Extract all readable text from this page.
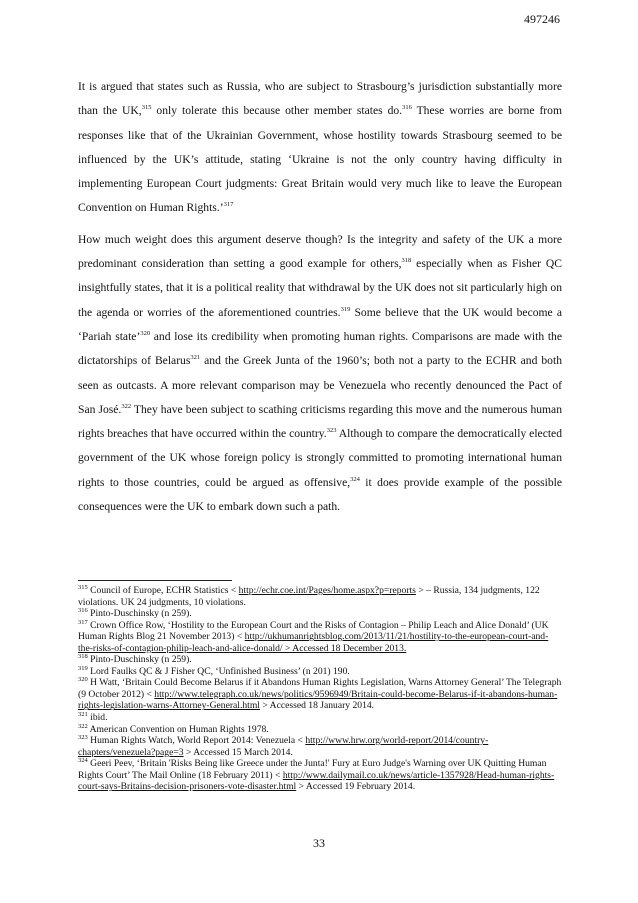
497246

It is argued that states such as Russia, who are subject to Strasbourg’s jurisdiction substantially more than the UK,$^{315}$ only tolerate this because other member states do.$^{316}$ These worries are borne from responses like that of the Ukrainian Government, whose hostility towards Strasbourg seemed to be influenced by the UK’s attitude, stating ‘Ukraine is not the only country having difficulty in implementing European Court judgments: Great Britain would very much like to leave the European Convention on Human Rights.’$^{317}$

How much weight does this argument deserve though? Is the integrity and safety of the UK a more predominant consideration than setting a good example for others,$^{318}$ especially when as Fisher QC insightfully states, that it is a political reality that withdrawal by the UK does not sit particularly high on the agenda or worries of the aforementioned countries.$^{319}$ Some believe that the UK would become a ‘Pariah state’$^{320}$ and lose its credibility when promoting human rights. Comparisons are made with the dictatorships of Belarus$^{321}$ and the Greek Junta of the 1960’s; both not a party to the ECHR and both seen as outcasts. A more relevant comparison may be Venezuela who recently denounced the Pact of San José.$^{322}$ They have been subject to scathing criticisms regarding this move and the numerous human rights breaches that have occurred within the country.$^{323}$ Although to compare the democratically elected government of the UK whose foreign policy is strongly committed to promoting international human rights to those countries, could be argued as offensive,$^{324}$ it does provide example of the possible consequences were the UK to embark down such a path.

$^{315}$ Council of Europe, ECHR Statistics < http://echr.coe.int/Pages/home.aspx?p=reports > – Russia, 134 judgments, 122 violations. UK 24 judgments, 10 violations.

$^{316}$ Pinto-Duschinsky (n 259).

$^{317}$ Crown Office Row, ‘Hostility to the European Court and the Risks of Contagion – Philip Leach and Alice Donald’ (UK Human Rights Blog 21 November 2013) < http://ukhumanrightsblog.com/2013/11/21/hostility-to-the-european-court-and-the-risks-of-contagion-philip-leach-and-alice-donald/ > Accessed 18 December 2013.

$^{318}$ Pinto-Duschinsky (n 259).

$^{319}$ Lord Faulks QC & J Fisher QC, ‘Unfinished Business’ (n 201) 190.

$^{320}$ H Watt, ‘Britain Could Become Belarus if it Abandons Human Rights Legislation, Warns Attorney General’ The Telegraph (9 October 2012) < http://www.telegraph.co.uk/news/politics/9596949/Britain-could-become-Belarus-if-it-abandons-human-rights-legislation-warns-Attorney-General.html > Accessed 18 January 2014.

$^{321}$ ibid.

$^{322}$ American Convention on Human Rights 1978.

$^{323}$ Human Rights Watch, World Report 2014: Venezuela < http://www.hrw.org/world-report/2014/country-chapters/venezuela?page=3 > Accessed 15 March 2014.

$^{324}$ Geeri Peev, ‘Britain 'Risks Being like Greece under the Junta!' Fury at Euro Judge's Warning over UK Quitting Human Rights Court’ The Mail Online (18 February 2011) < http://www.dailymail.co.uk/news/article-1357928/Head-human-rights-court-says-Britains-decision-prisoners-vote-disaster.html > Accessed 19 February 2014.

33
